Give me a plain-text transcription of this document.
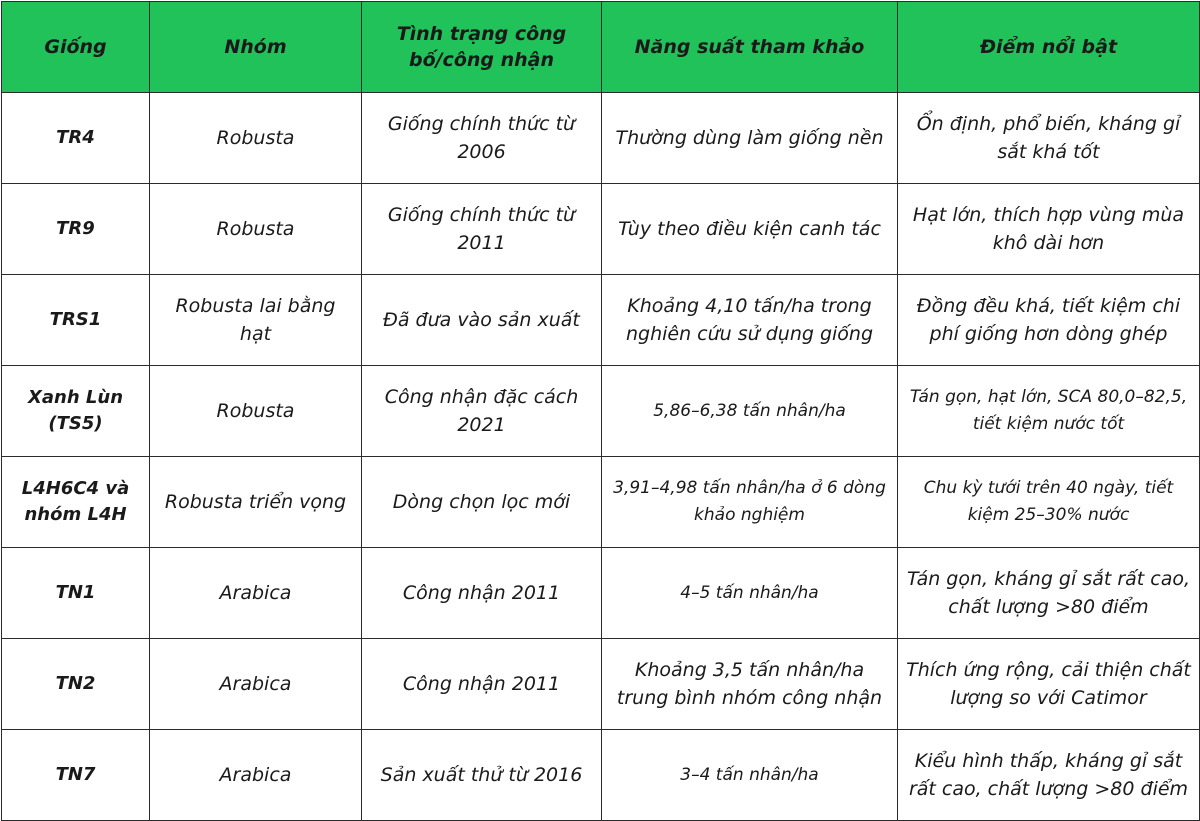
Giống	Nhóm	Tình trạng công bố/công nhận	Năng suất tham khảo	Điểm nổi bật
TR4	Robusta	Giống chính thức từ 2006	Thường dùng làm giống nền	Ổn định, phổ biến, kháng gỉ sắt khá tốt
TR9	Robusta	Giống chính thức từ 2011	Tùy theo điều kiện canh tác	Hạt lớn, thích hợp vùng mùa khô dài hơn
TRS1	Robusta lai bằng hạt	Đã đưa vào sản xuất	Khoảng 4,10 tấn/ha trong nghiên cứu sử dụng giống	Đồng đều khá, tiết kiệm chi phí giống hơn dòng ghép
Xanh Lùn (TS5)	Robusta	Công nhận đặc cách 2021	5,86–6,38 tấn nhân/ha	Tán gọn, hạt lớn, SCA 80,0–82,5, tiết kiệm nước tốt
L4H6C4 và nhóm L4H	Robusta triển vọng	Dòng chọn lọc mới	3,91–4,98 tấn nhân/ha ở 6 dòng khảo nghiệm	Chu kỳ tưới trên 40 ngày, tiết kiệm 25–30% nước
TN1	Arabica	Công nhận 2011	4–5 tấn nhân/ha	Tán gọn, kháng gỉ sắt rất cao, chất lượng >80 điểm
TN2	Arabica	Công nhận 2011	Khoảng 3,5 tấn nhân/ha trung bình nhóm công nhận	Thích ứng rộng, cải thiện chất lượng so với Catimor
TN7	Arabica	Sản xuất thử từ 2016	3–4 tấn nhân/ha	Kiểu hình thấp, kháng gỉ sắt rất cao, chất lượng >80 điểm
